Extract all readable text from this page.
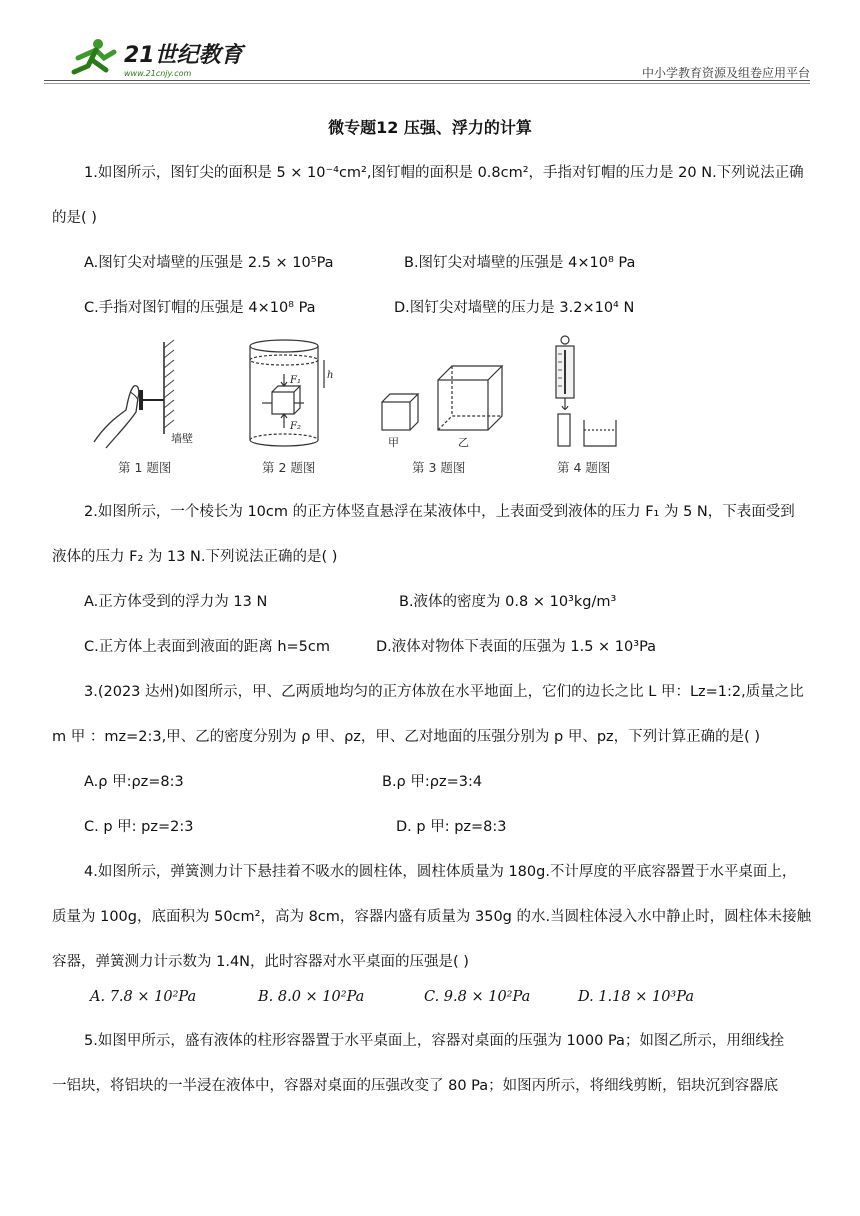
21世纪教育
www.21cnjy.com	中小学教育资源及组卷应用平台
微专题12 压强、浮力的计算
1.如图所示，图钉尖的面积是 5 × 10⁻⁴cm²,图钉帽的面积是 0.8cm²，手指对钉帽的压力是 20 N.下列说法正确
的是( )
A.图钉尖对墙壁的压强是 2.5 × 10⁵Pa	B.图钉尖对墙壁的压强是 4×10⁸ Pa
C.手指对图钉帽的压强是 4×10⁸ Pa	D.图钉尖对墙壁的压力是 3.2×10⁴ N
墙壁
F₁
F₂
h
甲	乙
第 1 题图	第 2 题图	第 3 题图	第 4 题图
2.如图所示，一个棱长为 10cm 的正方体竖直悬浮在某液体中，上表面受到液体的压力 F₁ 为 5 N，下表面受到
液体的压力 F₂ 为 13 N.下列说法正确的是( )
A.正方体受到的浮力为 13 N	B.液体的密度为 0.8 × 10³kg/m³
C.正方体上表面到液面的距离 h=5cm	D.液体对物体下表面的压强为 1.5 × 10³Pa
3.(2023 达州)如图所示，甲、乙两质地均匀的正方体放在水平地面上，它们的边长之比 L 甲：Lz=1:2,质量之比
m 甲 ：mz=2:3,甲、乙的密度分别为 ρ 甲、ρz，甲、乙对地面的压强分别为 p 甲、pz，下列计算正确的是( )
A.ρ 甲:ρz=8:3	B.ρ 甲:ρz=3:4
C. p 甲: pz=2:3	D. p 甲: pz=8:3
4.如图所示，弹簧测力计下悬挂着不吸水的圆柱体，圆柱体质量为 180g.不计厚度的平底容器置于水平桌面上，
质量为 100g，底面积为 50cm²，高为 8cm，容器内盛有质量为 350g 的水.当圆柱体浸入水中静止时，圆柱体未接触
容器，弹簧测力计示数为 1.4N，此时容器对水平桌面的压强是( )
A. 7.8 × 10²Pa	B. 8.0 × 10²Pa	C. 9.8 × 10²Pa	D. 1.18 × 10³Pa
5.如图甲所示，盛有液体的柱形容器置于水平桌面上，容器对桌面的压强为 1000 Pa；如图乙所示，用细线拴
一铝块，将铝块的一半浸在液体中，容器对桌面的压强改变了 80 Pa；如图丙所示，将细线剪断，铝块沉到容器底
